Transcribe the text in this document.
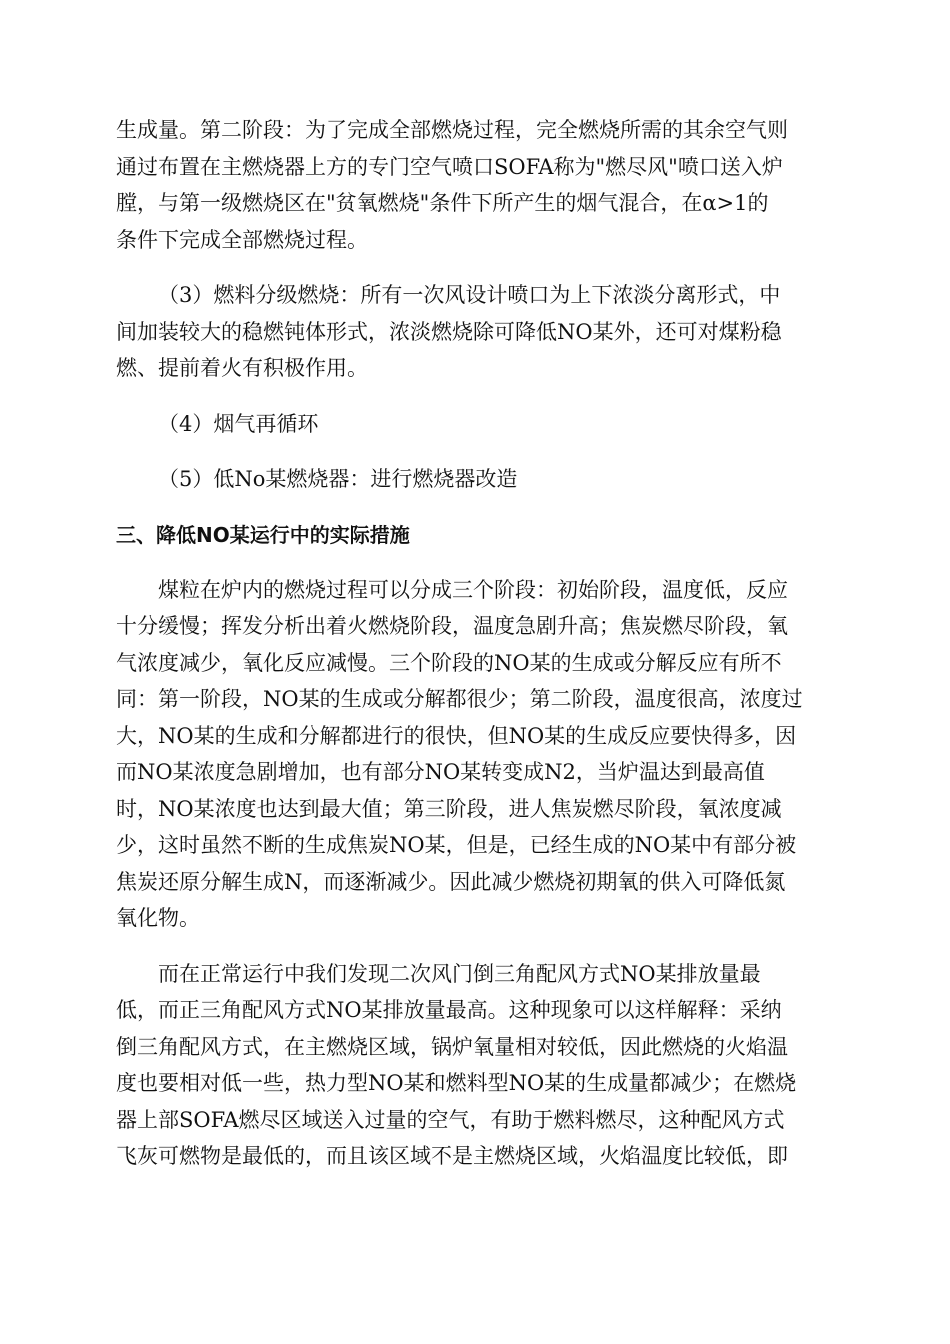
生成量。第二阶段：为了完成全部燃烧过程，完全燃烧所需的其余空气则
通过布置在主燃烧器上方的专门空气喷口SOFA称为"燃尽风"喷口送入炉
膛，与第一级燃烧区在"贫氧燃烧"条件下所产生的烟气混合，在α>1的
条件下完成全部燃烧过程。
（3）燃料分级燃烧：所有一次风设计喷口为上下浓淡分离形式，中
间加装较大的稳燃钝体形式，浓淡燃烧除可降低NO某外，还可对煤粉稳
燃、提前着火有积极作用。
（4）烟气再循环
（5）低No某燃烧器：进行燃烧器改造
三、降低NO某运行中的实际措施
煤粒在炉内的燃烧过程可以分成三个阶段：初始阶段，温度低，反应
十分缓慢；挥发分析出着火燃烧阶段，温度急剧升高；焦炭燃尽阶段，氧
气浓度减少，氧化反应减慢。三个阶段的NO某的生成或分解反应有所不
同：第一阶段，NO某的生成或分解都很少；第二阶段，温度很高，浓度过
大，NO某的生成和分解都进行的很快，但NO某的生成反应要快得多，因
而NO某浓度急剧增加，也有部分NO某转变成N2，当炉温达到最高值
时，NO某浓度也达到最大值；第三阶段，进人焦炭燃尽阶段，氧浓度减
少，这时虽然不断的生成焦炭NO某，但是，已经生成的NO某中有部分被
焦炭还原分解生成N，而逐渐减少。因此减少燃烧初期氧的供入可降低氮
氧化物。
而在正常运行中我们发现二次风门倒三角配风方式NO某排放量最
低，而正三角配风方式NO某排放量最高。这种现象可以这样解释：采纳
倒三角配风方式，在主燃烧区域，锅炉氧量相对较低，因此燃烧的火焰温
度也要相对低一些，热力型NO某和燃料型NO某的生成量都减少；在燃烧
器上部SOFA燃尽区域送入过量的空气，有助于燃料燃尽，这种配风方式
飞灰可燃物是最低的，而且该区域不是主燃烧区域，火焰温度比较低，即
